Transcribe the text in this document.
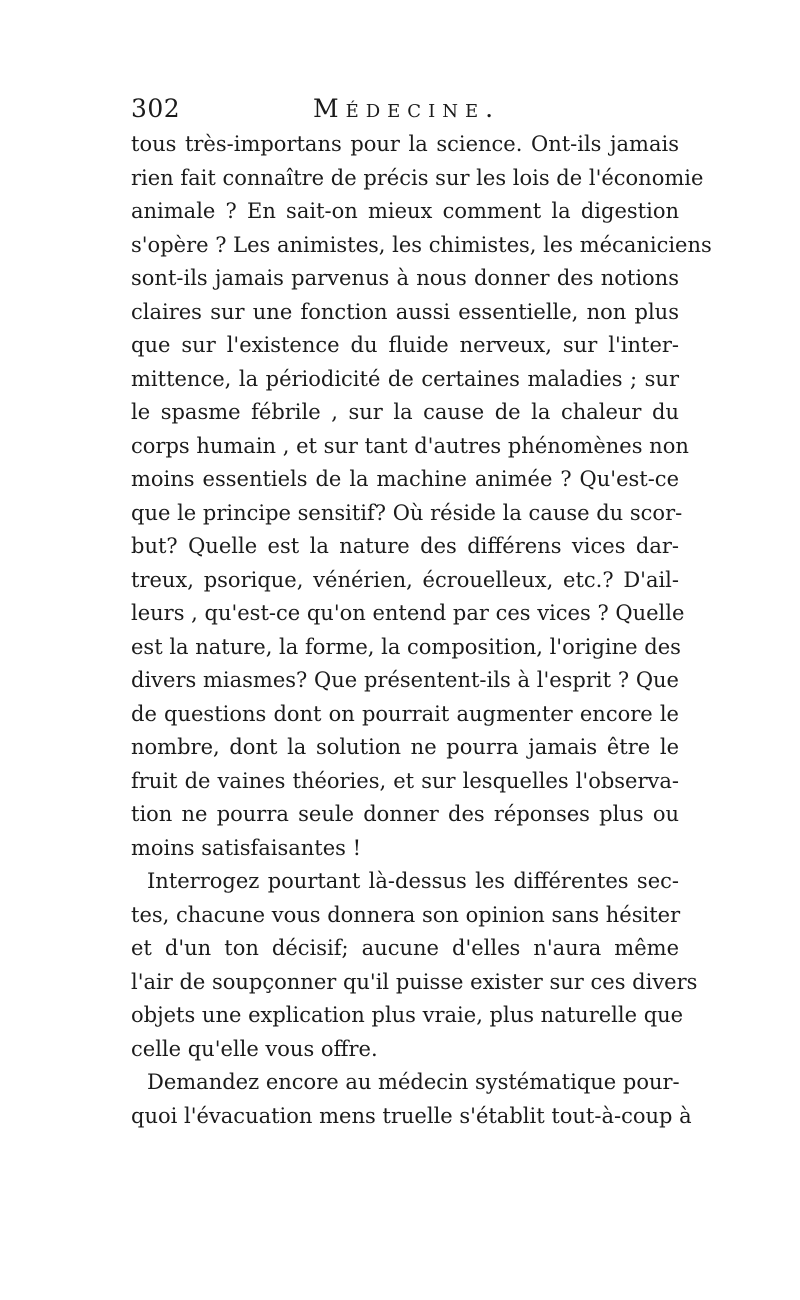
302	Médecine.
tous très-importans pour la science. Ont-ils jamais
rien fait connaître de précis sur les lois de l'économie
animale ? En sait-on mieux comment la digestion
s'opère ? Les animistes, les chimistes, les mécaniciens
sont-ils jamais parvenus à nous donner des notions
claires sur une fonction aussi essentielle, non plus
que sur l'existence du fluide nerveux, sur l'inter-
mittence, la périodicité de certaines maladies ; sur
le spasme fébrile , sur la cause de la chaleur du
corps humain , et sur tant d'autres phénomènes non
moins essentiels de la machine animée ? Qu'est-ce
que le principe sensitif? Où réside la cause du scor-
but? Quelle est la nature des différens vices dar-
treux, psorique, vénérien, écrouelleux, etc.? D'ail-
leurs , qu'est-ce qu'on entend par ces vices ? Quelle
est la nature, la forme, la composition, l'origine des
divers miasmes? Que présentent-ils à l'esprit ? Que
de questions dont on pourrait augmenter encore le
nombre, dont la solution ne pourra jamais être le
fruit de vaines théories, et sur lesquelles l'observa-
tion ne pourra seule donner des réponses plus ou
moins satisfaisantes !
Interrogez pourtant là-dessus les différentes sec-
tes, chacune vous donnera son opinion sans hésiter
et d'un ton décisif; aucune d'elles n'aura même
l'air de soupçonner qu'il puisse exister sur ces divers
objets une explication plus vraie, plus naturelle que
celle qu'elle vous offre.
Demandez encore au médecin systématique pour-
quoi l'évacuation mens truelle s'établit tout-à-coup à
